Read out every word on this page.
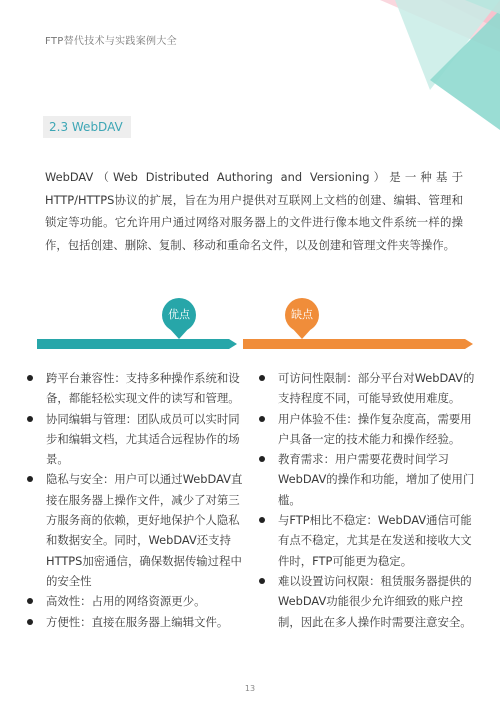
FTP替代技术与实践案例大全
2.3 WebDAV

WebDAV（Web Distributed Authoring and Versioning）是一种基于HTTP/HTTPS协议的扩展，旨在为用户提供对互联网上文档的创建、编辑、管理和锁定等功能。它允许用户通过网络对服务器上的文件进行像本地文件系统一样的操作，包括创建、删除、复制、移动和重命名文件，以及创建和管理文件夹等操作。

优点	缺点
跨平台兼容性：支持多种操作系统和设备，都能轻松实现文件的读写和管理。
协同编辑与管理：团队成员可以实时同步和编辑文档，尤其适合远程协作的场景。
隐私与安全：用户可以通过WebDAV直接在服务器上操作文件，减少了对第三方服务商的依赖，更好地保护个人隐私和数据安全。同时，WebDAV还支持HTTPS加密通信，确保数据传输过程中的安全性
高效性：占用的网络资源更少。
方便性：直接在服务器上编辑文件。
可访问性限制：部分平台对WebDAV的支持程度不同，可能导致使用难度。
用户体验不佳：操作复杂度高，需要用户具备一定的技术能力和操作经验。
教育需求：用户需要花费时间学习WebDAV的操作和功能，增加了使用门槛。
与FTP相比不稳定：WebDAV通信可能有点不稳定，尤其是在发送和接收大文件时，FTP可能更为稳定。
难以设置访问权限：租赁服务器提供的WebDAV功能很少允许细致的账户控制，因此在多人操作时需要注意安全。
13
